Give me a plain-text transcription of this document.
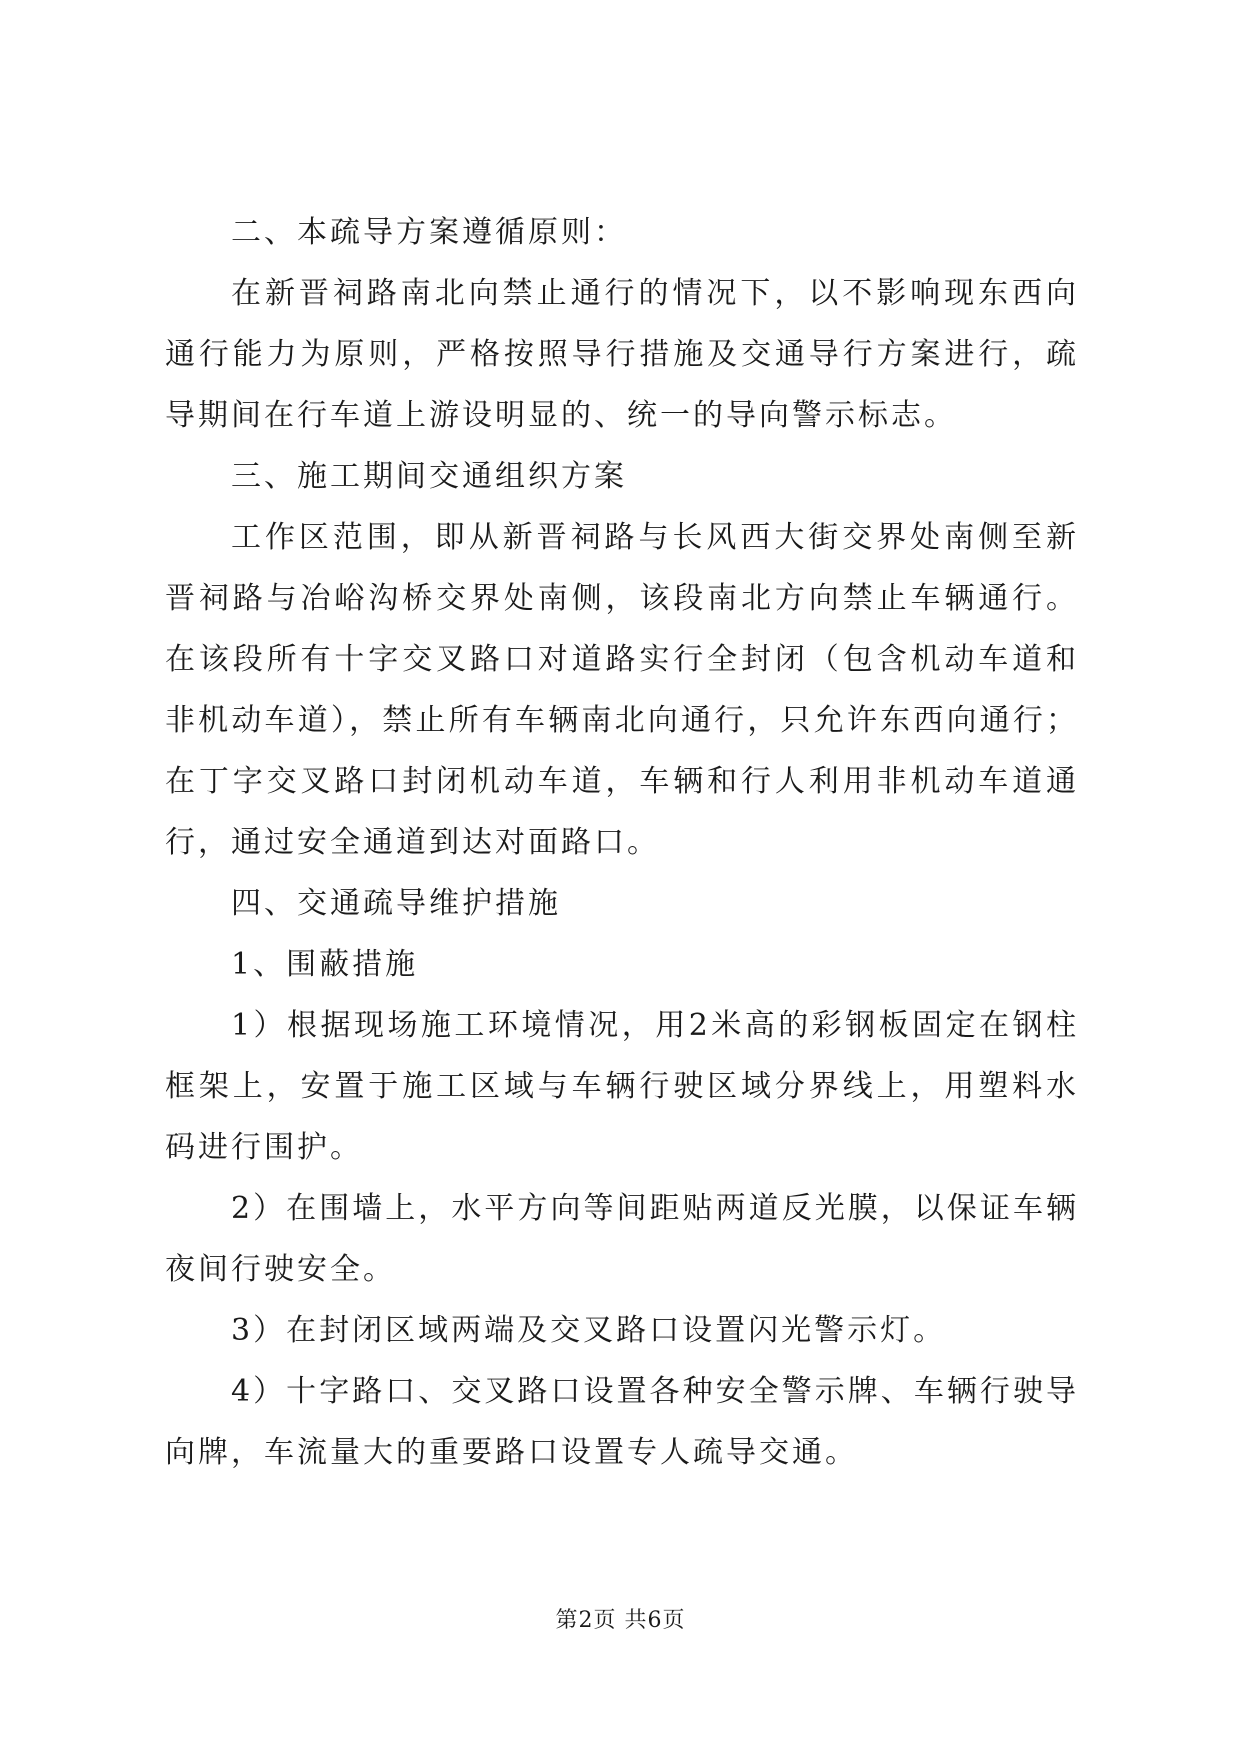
二、本疏导方案遵循原则：

在新晋祠路南北向禁止通行的情况下，以不影响现东西向通行能力为原则，严格按照导行措施及交通导行方案进行，疏导期间在行车道上游设明显的、统一的导向警示标志。

三、施工期间交通组织方案

工作区范围，即从新晋祠路与长风西大街交界处南侧至新晋祠路与冶峪沟桥交界处南侧，该段南北方向禁止车辆通行。在该段所有十字交叉路口对道路实行全封闭（包含机动车道和非机动车道），禁止所有车辆南北向通行，只允许东西向通行；在丁字交叉路口封闭机动车道，车辆和行人利用非机动车道通行，通过安全通道到达对面路口。

四、交通疏导维护措施

1、围蔽措施

1）根据现场施工环境情况，用2米高的彩钢板固定在钢柱框架上，安置于施工区域与车辆行驶区域分界线上，用塑料水码进行围护。

2）在围墙上，水平方向等间距贴两道反光膜，以保证车辆夜间行驶安全。

3）在封闭区域两端及交叉路口设置闪光警示灯。

4）十字路口、交叉路口设置各种安全警示牌、车辆行驶导向牌，车流量大的重要路口设置专人疏导交通。

第2页 共6页
